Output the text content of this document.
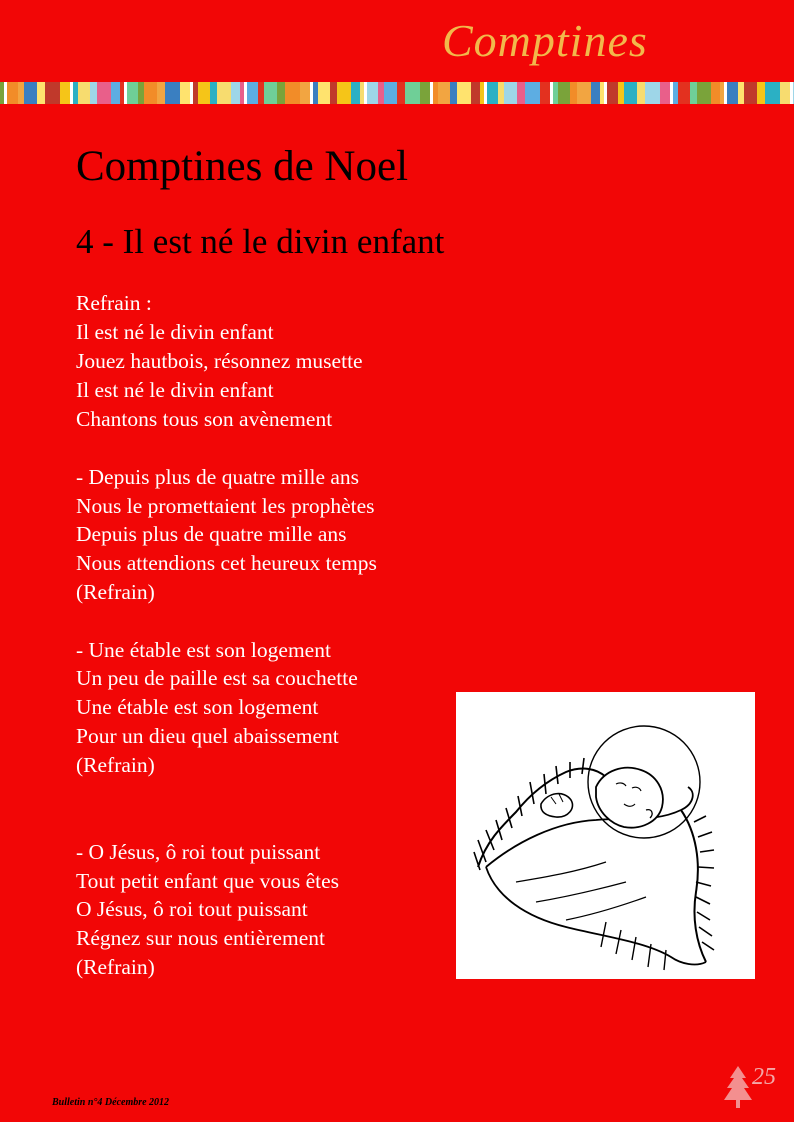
Comptines
Comptines de Noel
4 - Il est né le divin enfant
Refrain :
Il est né le divin enfant
Jouez hautbois, résonnez musette
Il est né le divin enfant
Chantons tous son avènement
- Depuis plus de quatre mille ans
Nous le promettaient les prophètes
Depuis plus de quatre mille ans
Nous attendions cet heureux temps
(Refrain)
- Une étable est son logement
Un peu de paille est sa couchette
Une étable est son logement
Pour un dieu quel abaissement
(Refrain)
- O Jésus, ô roi tout puissant
Tout petit enfant que vous êtes
O Jésus, ô roi tout puissant
Régnez sur nous entièrement
(Refrain)
Bulletin n°4 Décembre 2012
25
